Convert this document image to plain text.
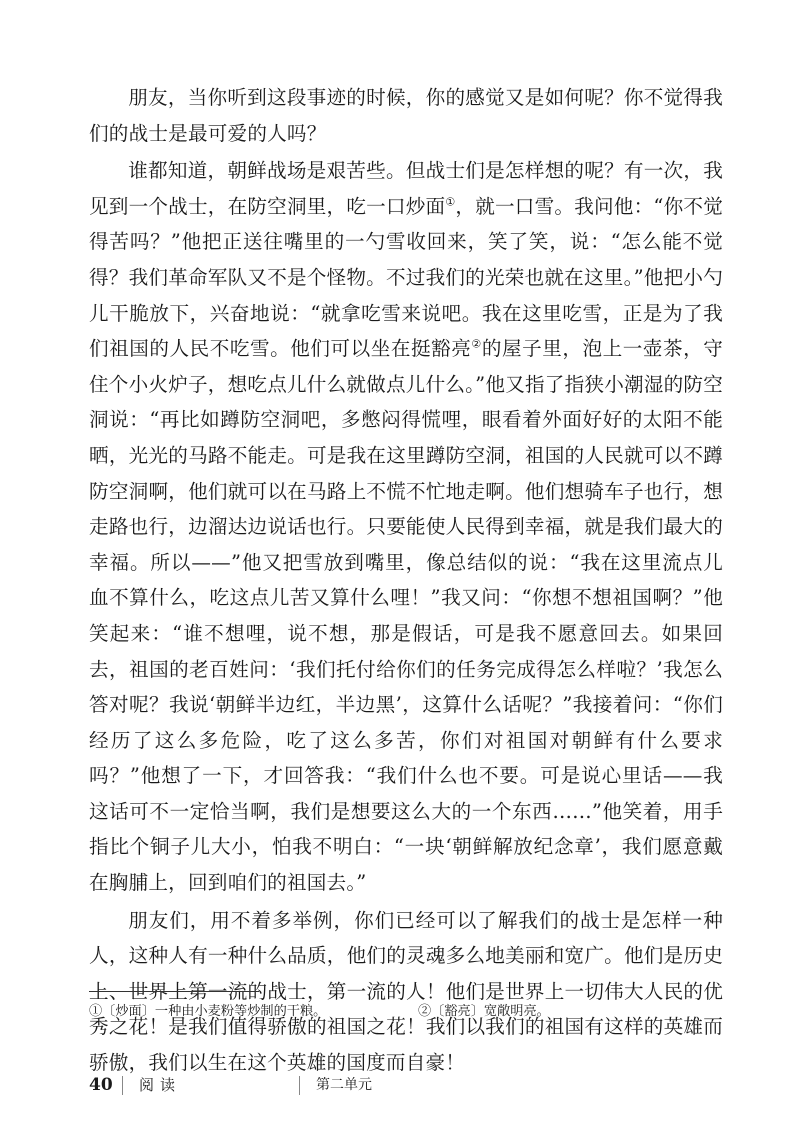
朋友，当你听到这段事迹的时候，你的感觉又是如何呢？你不觉得我们的战士是最可爱的人吗？

谁都知道，朝鲜战场是艰苦些。但战士们是怎样想的呢？有一次，我见到一个战士，在防空洞里，吃一口炒面①，就一口雪。我问他：“你不觉得苦吗？”他把正送往嘴里的一勺雪收回来，笑了笑，说：“怎么能不觉得？我们革命军队又不是个怪物。不过我们的光荣也就在这里。”他把小勺儿干脆放下，兴奋地说：“就拿吃雪来说吧。我在这里吃雪，正是为了我们祖国的人民不吃雪。他们可以坐在挺豁亮②的屋子里，泡上一壶茶，守住个小火炉子，想吃点儿什么就做点儿什么。”他又指了指狭小潮湿的防空洞说：“再比如蹲防空洞吧，多憋闷得慌哩，眼看着外面好好的太阳不能晒，光光的马路不能走。可是我在这里蹲防空洞，祖国的人民就可以不蹲防空洞啊，他们就可以在马路上不慌不忙地走啊。他们想骑车子也行，想走路也行，边溜达边说话也行。只要能使人民得到幸福，就是我们最大的幸福。所以——”他又把雪放到嘴里，像总结似的说：“我在这里流点儿血不算什么，吃这点儿苦又算什么哩！”我又问：“你想不想祖国啊？”他笑起来：“谁不想哩，说不想，那是假话，可是我不愿意回去。如果回去，祖国的老百姓问：‘我们托付给你们的任务完成得怎么样啦？’我怎么答对呢？我说‘朝鲜半边红，半边黑’，这算什么话呢？”我接着问：“你们经历了这么多危险，吃了这么多苦，你们对祖国对朝鲜有什么要求吗？”他想了一下，才回答我：“我们什么也不要。可是说心里话——我这话可不一定恰当啊，我们是想要这么大的一个东西……”他笑着，用手指比个铜子儿大小，怕我不明白：“一块‘朝鲜解放纪念章’，我们愿意戴在胸脯上，回到咱们的祖国去。”

朋友们，用不着多举例，你们已经可以了解我们的战士是怎样一种人，这种人有一种什么品质，他们的灵魂多么地美丽和宽广。他们是历史上、世界上第一流的战士，第一流的人！他们是世界上一切伟大人民的优秀之花！是我们值得骄傲的祖国之花！我们以我们的祖国有这样的英雄而骄傲，我们以生在这个英雄的国度而自豪！

①〔炒面〕一种由小麦粉等炒制的干粮。	②〔豁亮〕宽敞明亮。
40 阅读	第二单元
